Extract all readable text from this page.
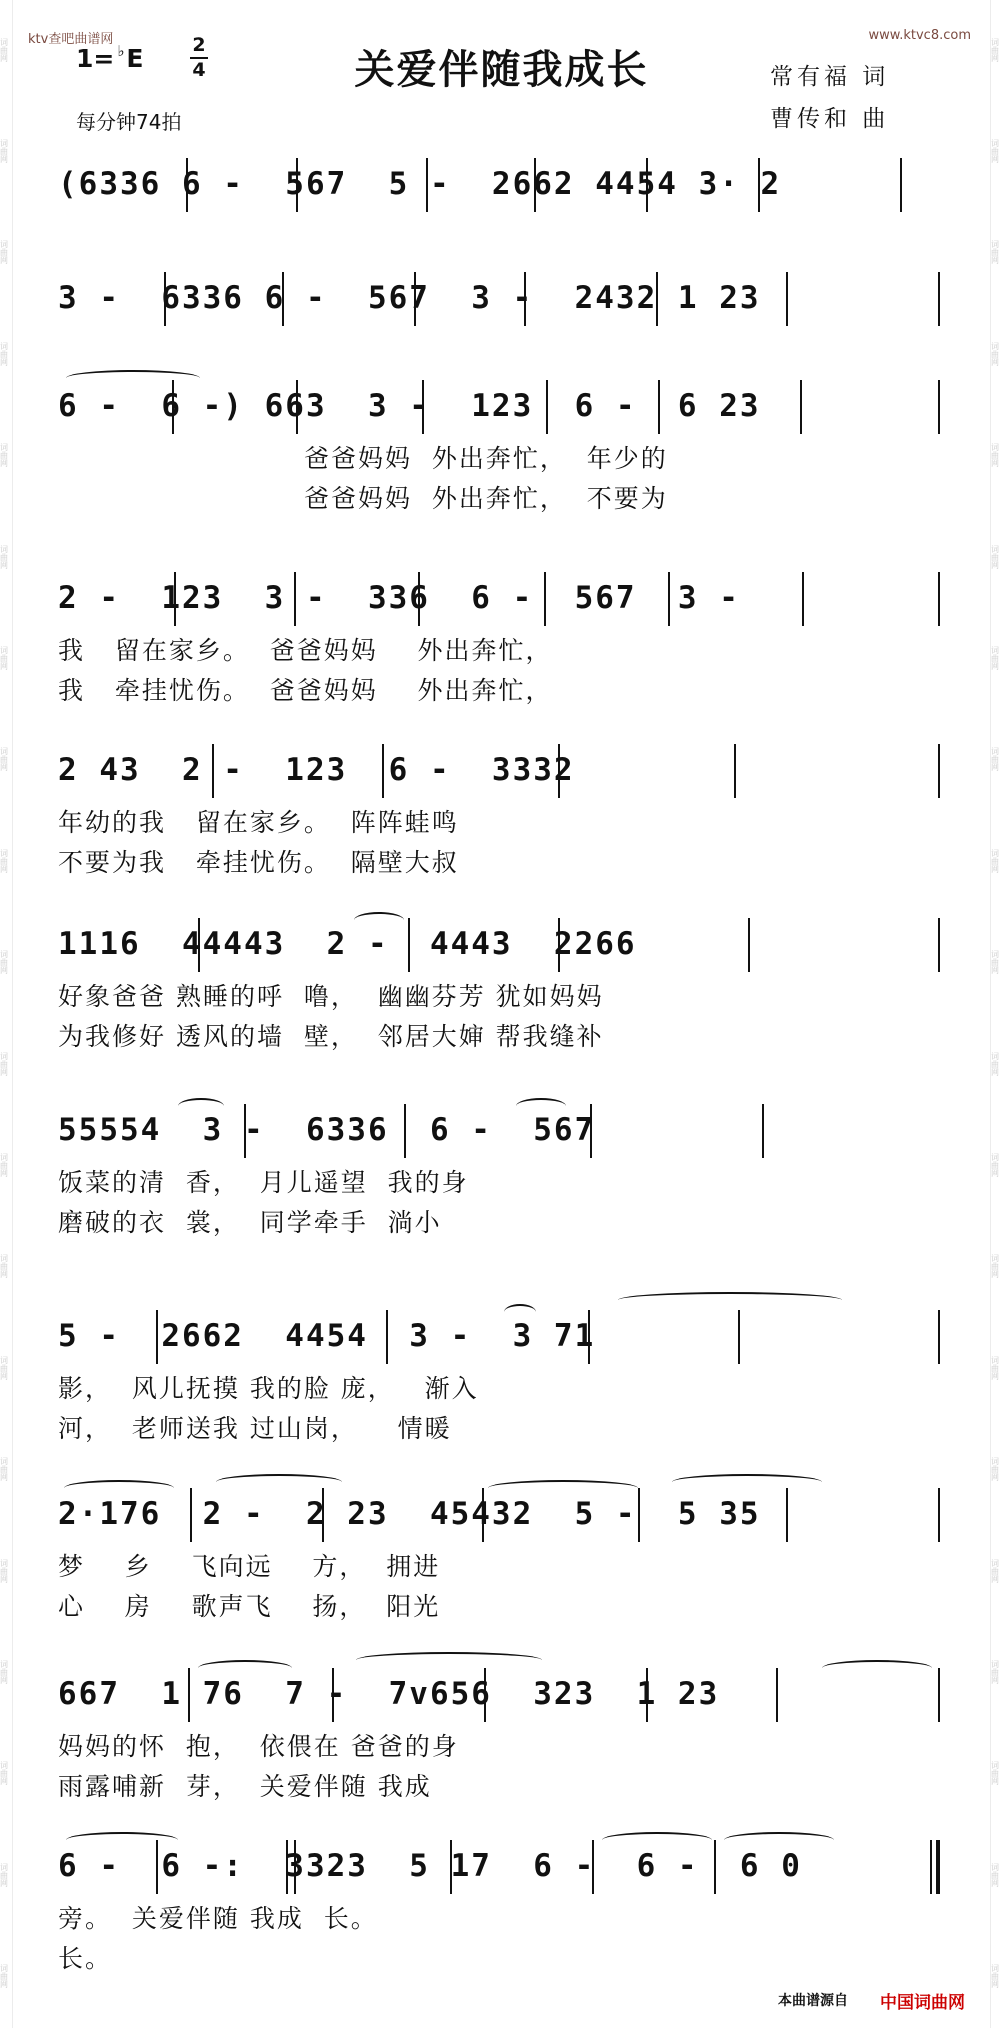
词曲网
词曲网
词曲网
词曲网
词曲网
词曲网
词曲网
词曲网
词曲网
词曲网
词曲网
词曲网
词曲网
词曲网
词曲网
词曲网
词曲网
词曲网
词曲网
词曲网
词曲网
词曲网
词曲网
词曲网
词曲网
词曲网
词曲网
词曲网
词曲网
词曲网
词曲网
词曲网
词曲网
词曲网
词曲网
词曲网
词曲网
词曲网
词曲网
词曲网
ktv查吧曲谱网	www.ktvc8.com
1= ♭E	2
4	关爱伴随我成长	常有福 词
曹传和 曲
每分钟74拍
(6336 6 -  567  5 -  2662 4454 3· 2
3 -  6336 6 -  567  3 -  2432 1 23
6 -  6 -) 663  3 -  123  6 -  6 23
爸爸妈妈  外出奔忙，  年少的
爸爸妈妈  外出奔忙，  不要为
2 -  123  3 -  336  6 -  567  3 -
我   留在家乡。  爸爸妈妈    外出奔忙，
我   牵挂忧伤。  爸爸妈妈    外出奔忙，
2 43  2 -  123  6 -  3332
年幼的我   留在家乡。  阵阵蛙鸣
不要为我   牵挂忧伤。  隔壁大叔
1116  44443  2 -  4443  2266
好象爸爸 熟睡的呼  噜，  幽幽芬芳 犹如妈妈
为我修好 透风的墙  壁，  邻居大婶 帮我缝补
55554  3 -  6336  6 -  567
饭菜的清  香，  月儿遥望  我的身
磨破的衣  裳，  同学牵手  淌小
5 -  2662  4454  3 -  3 71
影，  风儿抚摸 我的脸 庞，   渐入
河，  老师送我 过山岗，    情暖
2·176  2 -  2 23  45432  5 -  5 35
梦    乡    飞向远    方，  拥进
心    房    歌声飞    扬，  阳光
667  1 76  7 -  7v656  323  1 23
妈妈的怀  抱，  依偎在 爸爸的身
雨露哺新  芽，  关爱伴随 我成
6 -  6 -:  3323  5 17  6 -  6 -  6 0
旁。  关爱伴随 我成  长。
长。
本曲谱源自 中国词曲网
